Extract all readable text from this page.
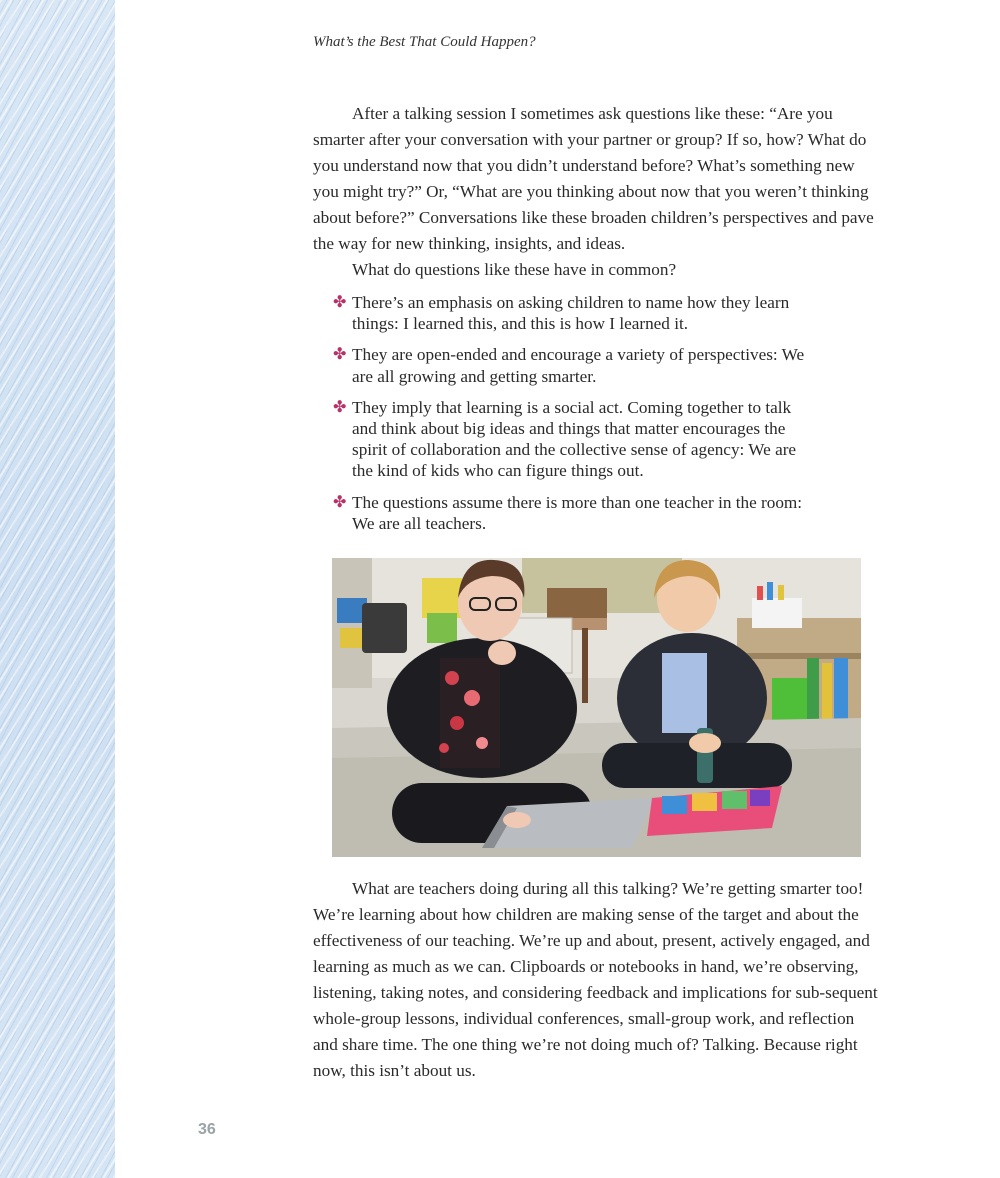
What’s the Best That Could Happen?

After a talking session I sometimes ask questions like these: “Are you smarter after your conversation with your partner or group? If so, how? What do you understand now that you didn’t understand before? What’s something new you might try?” Or, “What are you thinking about now that you weren’t thinking about before?” Conversations like these broaden children’s perspectives and pave the way for new thinking, insights, and ideas.

What do questions like these have in common?

✤ There’s an emphasis on asking children to name how they learn things: I learned this, and this is how I learned it.
✤ They are open-ended and encourage a variety of perspectives: We are all growing and getting smarter.
✤ They imply that learning is a social act. Coming together to talk and think about big ideas and things that matter encourages the spirit of collaboration and the collective sense of agency: We are the kind of kids who can figure things out.
✤ The questions assume there is more than one teacher in the room: We are all teachers.

What are teachers doing during all this talking? We’re getting smarter too! We’re learning about how children are making sense of the target and about the effectiveness of our teaching. We’re up and about, present, actively engaged, and learning as much as we can. Clipboards or notebooks in hand, we’re observing, listening, taking notes, and considering feedback and implications for sub-sequent whole-group lessons, individual conferences, small-group work, and reflection and share time. The one thing we’re not doing much of? Talking. Because right now, this isn’t about us.

36
